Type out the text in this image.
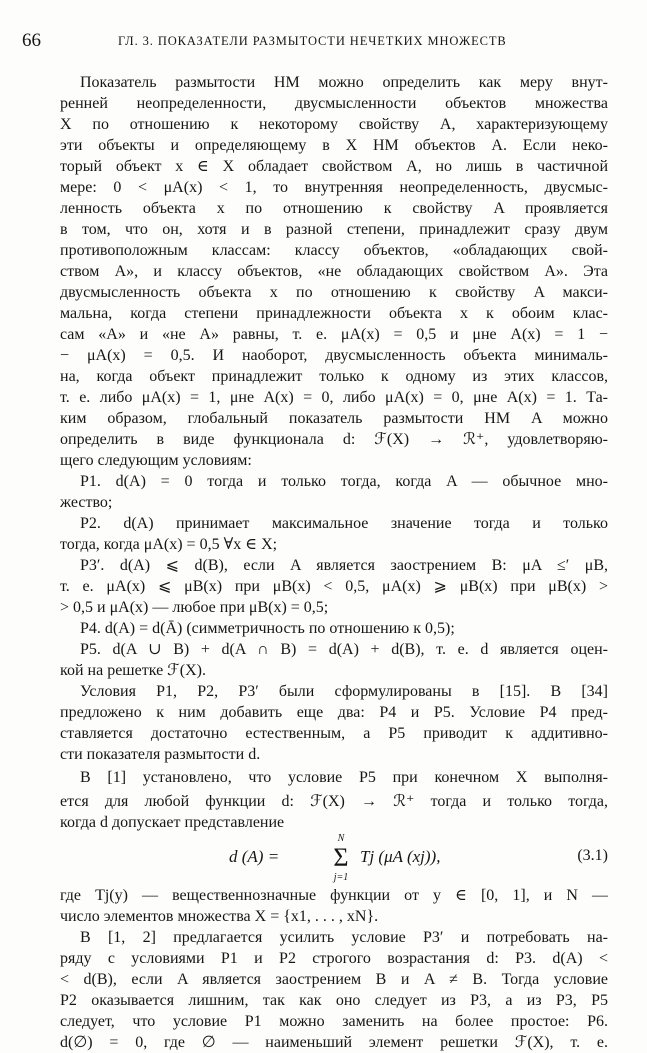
66	ГЛ. 3. ПОКАЗАТЕЛИ РАЗМЫТОСТИ НЕЧЕТКИХ МНОЖЕСТВ
Показатель размытости НМ можно определить как меру внут-
ренней неопределенности, двусмысленности объектов множества
X по отношению к некоторому свойству A, характеризующему
эти объекты и определяющему в X НМ объектов A. Если неко-
торый объект x ∈ X обладает свойством A, но лишь в частичной
мере: 0 < μA(x) < 1, то внутренняя неопределенность, двусмыс-
ленность объекта x по отношению к свойству A проявляется
в том, что он, хотя и в разной степени, принадлежит сразу двум
противоположным классам: классу объектов, «обладающих свой-
ством A», и классу объектов, «не обладающих свойством A». Эта
двусмысленность объекта x по отношению к свойству A макси-
мальна, когда степени принадлежности объекта x к обоим клас-
сам «A» и «не A» равны, т. е. μA(x) = 0,5 и μне A(x) = 1 −
− μA(x) = 0,5. И наоборот, двусмысленность объекта минималь-
на, когда объект принадлежит только к одному из этих классов,
т. е. либо μA(x) = 1, μне A(x) = 0, либо μA(x) = 0, μне A(x) = 1. Та-
ким образом, глобальный показатель размытости НМ A можно
определить в виде функционала d: ℱ(X) → ℛ⁺, удовлетворяю-
щего следующим условиям:
P1. d(A) = 0 тогда и только тогда, когда A — обычное мно-
жество;
P2. d(A) принимает максимальное значение тогда и только
тогда, когда μA(x) = 0,5 ∀x ∈ X;
P3′. d(A) ⩽ d(B), если A является заострением B: μA ≤′ μB,
т. е. μA(x) ⩽ μB(x) при μB(x) < 0,5, μA(x) ⩾ μB(x) при μB(x) >
> 0,5 и μA(x) — любое при μB(x) = 0,5;
P4. d(A) = d(Ā) (симметричность по отношению к 0,5);
P5. d(A ∪ B) + d(A ∩ B) = d(A) + d(B), т. е. d является оцен-
кой на решетке ℱ(X).
Условия P1, P2, P3′ были сформулированы в [15]. В [34]
предложено к ним добавить еще два: P4 и P5. Условие P4 пред-
ставляется достаточно естественным, а P5 приводит к аддитивно-
сти показателя размытости d.
В [1] установлено, что условие P5 при конечном X выполня-
ется для любой функции d: ℱ(X) → ℛ⁺ тогда и только тогда,
когда d допускает представление
d (A) =
N
Σ
j=1
Tj (μA (xj)),	(3.1)
где Tj(y) — вещественнозначные функции от y ∈ [0, 1], и N —
число элементов множества X = {x1, . . . , xN}.
В [1, 2] предлагается усилить условие P3′ и потребовать на-
ряду с условиями P1 и P2 строгого возрастания d: P3. d(A) <
< d(B), если A является заострением B и A ≠ B. Тогда условие
P2 оказывается лишним, так как оно следует из P3, а из P3, P5
следует, что условие P1 можно заменить на более простое: P6.
d(∅) = 0, где ∅ — наименьший элемент решетки ℱ(X), т. е.
